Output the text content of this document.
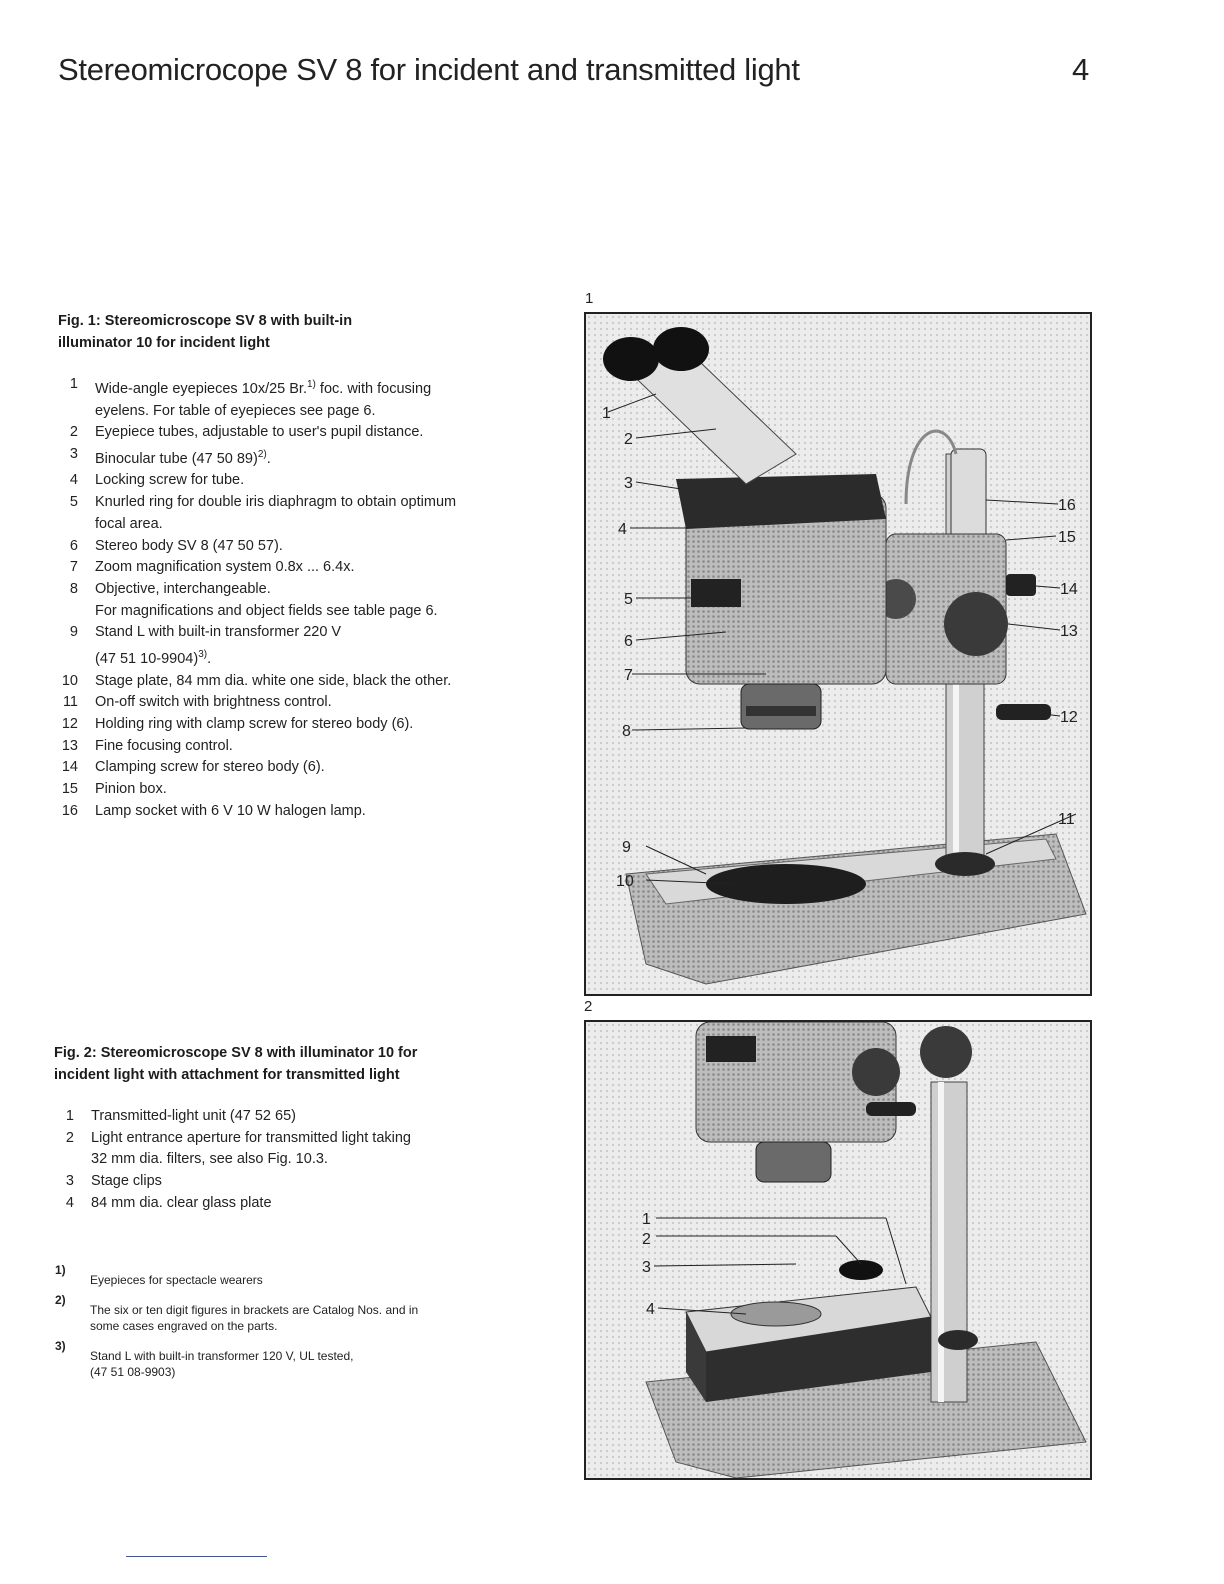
Stereomicrocope SV 8 for incident and transmitted light	4
Fig. 1: Stereomicroscope SV 8 with built-in
illuminator 10 for incident light
1 Wide-angle eyepieces 10x/25 Br.$^{1)}$ foc. with focusing
eyelens. For table of eyepieces see page 6.
2 Eyepiece tubes, adjustable to user's pupil distance.
3 Binocular tube (47 50 89)$^{2)}$.
4 Locking screw for tube.
5 Knurled ring for double iris diaphragm to obtain optimum
focal area.
6 Stereo body SV 8 (47 50 57).
7 Zoom magnification system 0.8x ... 6.4x.
8 Objective, interchangeable.
For magnifications and object fields see table page 6.
9 Stand L with built-in transformer 220 V
(47 51 10-9904)$^{3)}$.
10 Stage plate, 84 mm dia. white one side, black the other.
11 On-off switch with brightness control.
12 Holding ring with clamp screw for stereo body (6).
13 Fine focusing control.
14 Clamping screw for stereo body (6).
15 Pinion box.
16 Lamp socket with 6 V 10 W halogen lamp.
Fig. 2: Stereomicroscope SV 8 with illuminator 10 for
incident light with attachment for transmitted light
1 Transmitted-light unit (47 52 65)
2 Light entrance aperture for transmitted light taking
32 mm dia. filters, see also Fig. 10.3.
3 Stage clips
4 84 mm dia. clear glass plate
1)
Eyepieces for spectacle wearers
2)
The six or ten digit figures in brackets are Catalog Nos. and in
some cases engraved on the parts.
3)
Stand L with built-in transformer 120 V, UL tested,
(47 51 08-9903)
1
1
2
3
4
5
6
7
8
9
10
11
12
13
14
15
16
2
1
2
3
4
